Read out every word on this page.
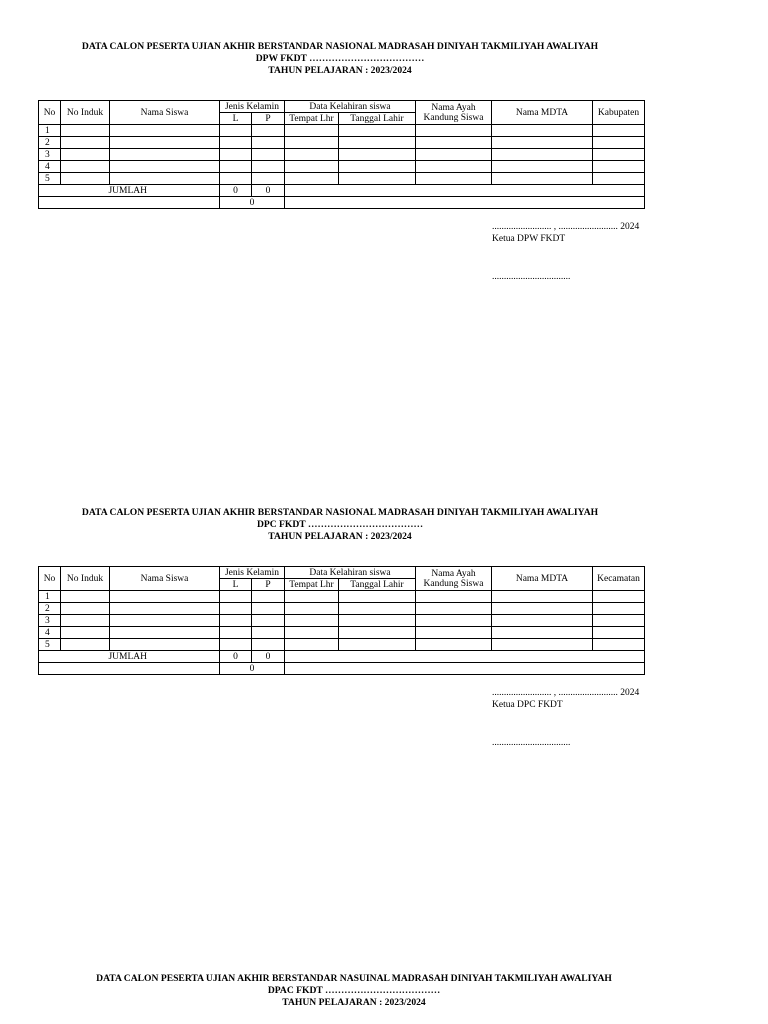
DATA CALON PESERTA UJIAN AKHIR BERSTANDAR NASIONAL MADRASAH DINIYAH TAKMILIYAH AWALIYAH
DPW FKDT ………………………………
TAHUN PELAJARAN : 2023/2024
No	No Induk	Nama Siswa	Jenis Kelamin		Data Kelahiran siswa		Nama Ayah
Kandung Siswa	Nama MDTA	Kabupaten
			L	P	Tempat Lhr	Tanggal Lahir			
1									
2									
3									
4									
5									
JUMLAH			0	0					
			0						
......................... , ......................... 2024
Ketua DPW FKDT
.................................
DATA CALON PESERTA UJIAN AKHIR BERSTANDAR NASIONAL MADRASAH DINIYAH TAKMILIYAH AWALIYAH
DPC FKDT ………………………………
TAHUN PELAJARAN : 2023/2024
No	No Induk	Nama Siswa	Jenis Kelamin		Data Kelahiran siswa		Nama Ayah
Kandung Siswa	Nama MDTA	Kecamatan
			L	P	Tempat Lhr	Tanggal Lahir			
1									
2									
3									
4									
5									
JUMLAH			0	0					
			0						
......................... , ......................... 2024
Ketua DPC FKDT
.................................
DATA CALON PESERTA UJIAN AKHIR BERSTANDAR NASUINAL MADRASAH DINIYAH TAKMILIYAH AWALIYAH
DPAC FKDT ………………………………
TAHUN PELAJARAN : 2023/2024
